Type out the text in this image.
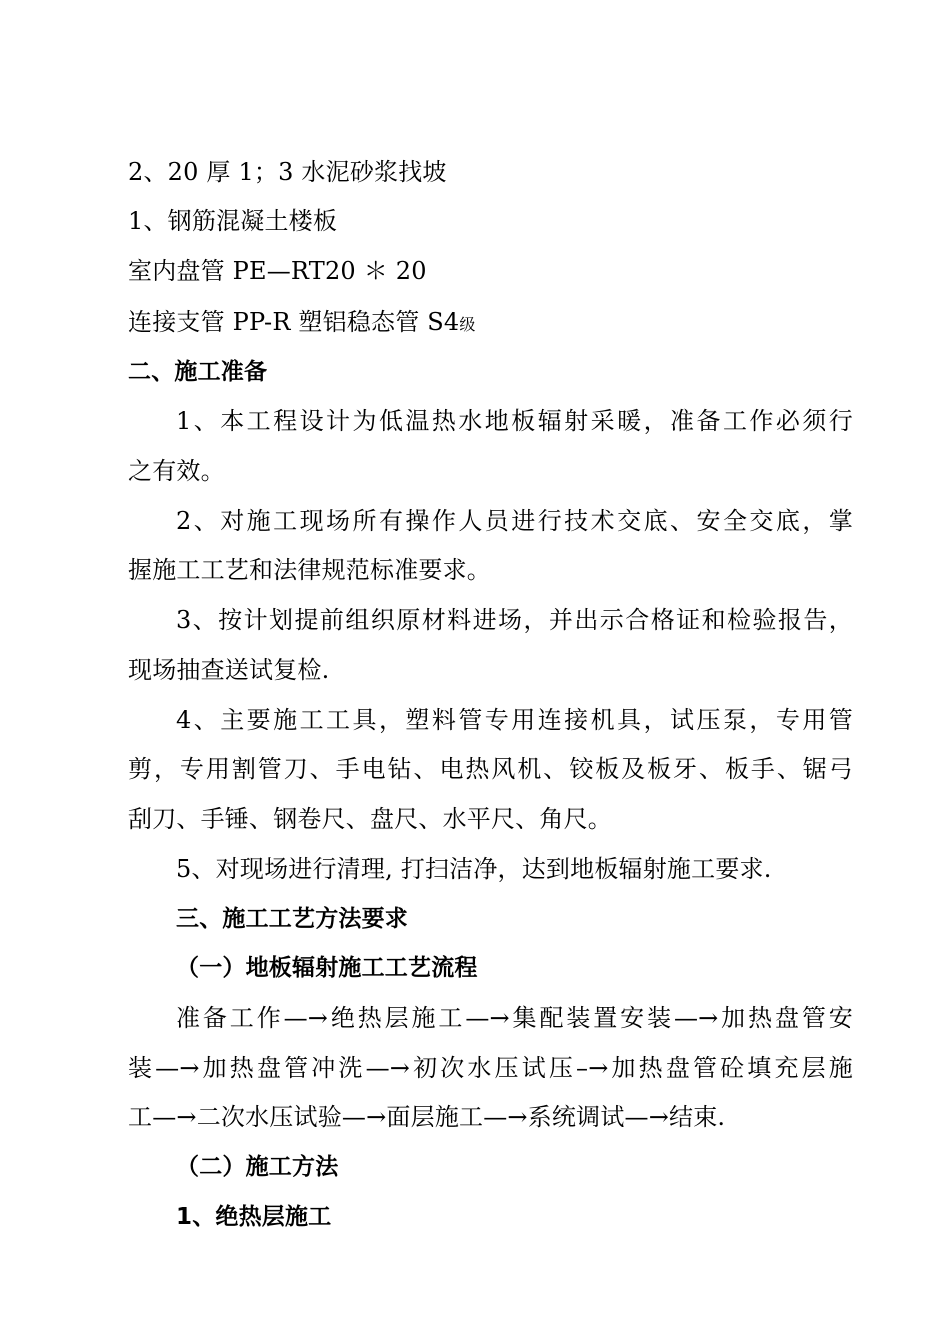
2、20 厚 1；3 水泥砂浆找坡
1、钢筋混凝土楼板
室内盘管 PE—RT20 ＊ 20
连接支管 PP-R 塑铝稳态管 S4级
二、施工准备
1、本工程设计为低温热水地板辐射采暖，准备工作必须行
之有效。
2、对施工现场所有操作人员进行技术交底、安全交底，掌
握施工工艺和法律规范标准要求。
3、按计划提前组织原材料进场，并出示合格证和检验报告，
现场抽查送试复检.
4、主要施工工具，塑料管专用连接机具，试压泵，专用管
剪，专用割管刀、手电钻、电热风机、铰板及板牙、板手、锯弓
刮刀、手锤、钢卷尺、盘尺、水平尺、角尺。
5、对现场进行清理, 打扫洁净，达到地板辐射施工要求.
三、施工工艺方法要求
（一）地板辐射施工工艺流程
准备工作—→绝热层施工—→集配装置安装—→加热盘管安
装—→加热盘管冲洗—→初次水压试压–→加热盘管砼填充层施
工—→二次水压试验—→面层施工—→系统调试—→结束.
（二）施工方法
1、绝热层施工
